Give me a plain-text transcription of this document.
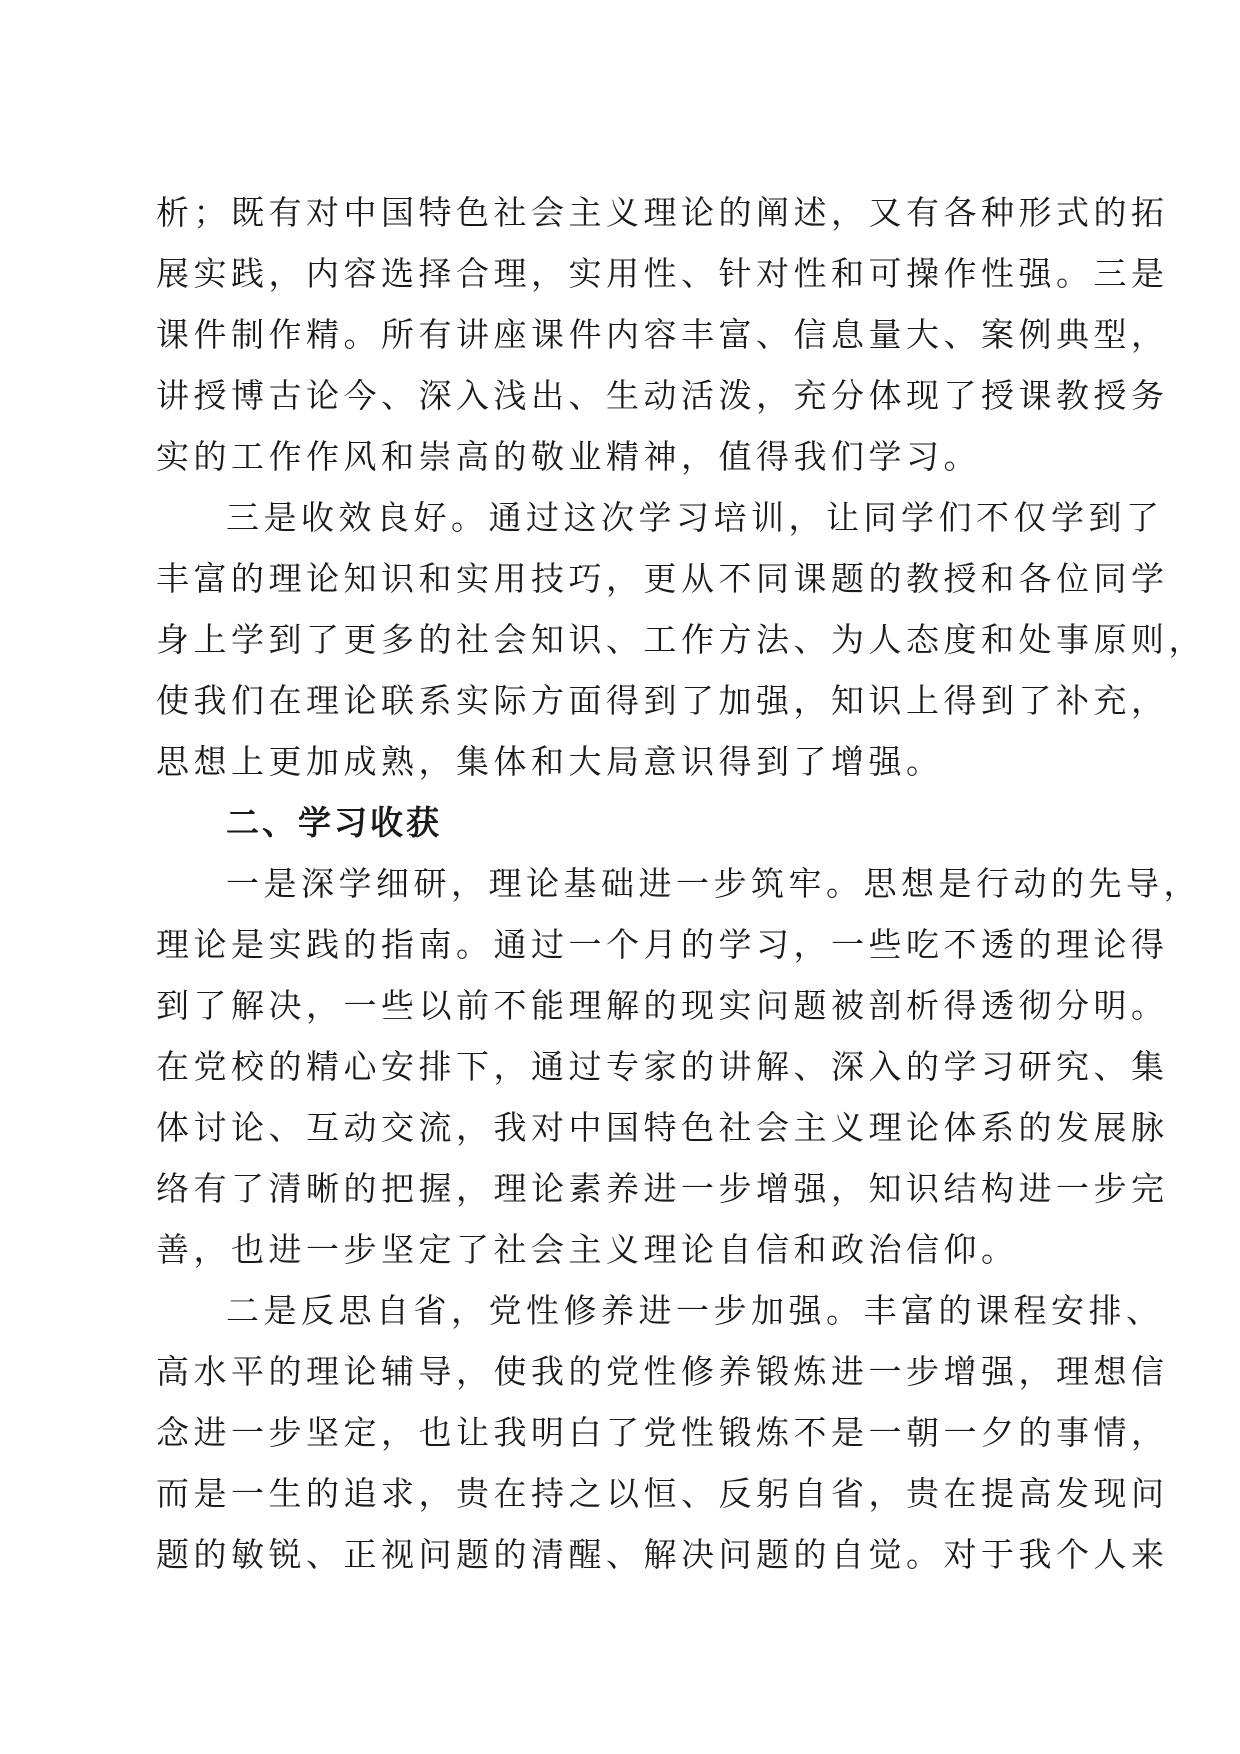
析；既有对中国特色社会主义理论的阐述，又有各种形式的拓
展实践，内容选择合理，实用性、针对性和可操作性强。三是
课件制作精。所有讲座课件内容丰富、信息量大、案例典型，
讲授博古论今、深入浅出、生动活泼，充分体现了授课教授务
实的工作作风和崇高的敬业精神，值得我们学习。
三是收效良好。通过这次学习培训，让同学们不仅学到了
丰富的理论知识和实用技巧，更从不同课题的教授和各位同学
身上学到了更多的社会知识、工作方法、为人态度和处事原则，
使我们在理论联系实际方面得到了加强，知识上得到了补充，
思想上更加成熟，集体和大局意识得到了增强。
二、学习收获
一是深学细研，理论基础进一步筑牢。思想是行动的先导，
理论是实践的指南。通过一个月的学习，一些吃不透的理论得
到了解决，一些以前不能理解的现实问题被剖析得透彻分明。
在党校的精心安排下，通过专家的讲解、深入的学习研究、集
体讨论、互动交流，我对中国特色社会主义理论体系的发展脉
络有了清晰的把握，理论素养进一步增强，知识结构进一步完
善，也进一步坚定了社会主义理论自信和政治信仰。
二是反思自省，党性修养进一步加强。丰富的课程安排、
高水平的理论辅导，使我的党性修养锻炼进一步增强，理想信
念进一步坚定，也让我明白了党性锻炼不是一朝一夕的事情，
而是一生的追求，贵在持之以恒、反躬自省，贵在提高发现问
题的敏锐、正视问题的清醒、解决问题的自觉。对于我个人来
